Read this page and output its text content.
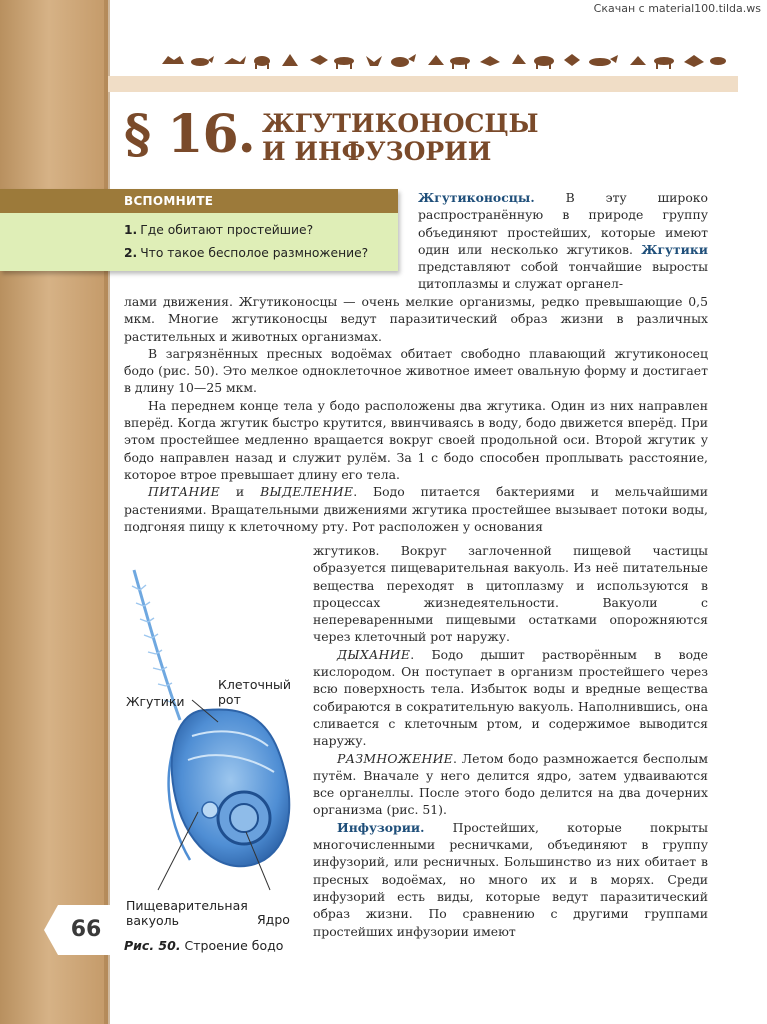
Скачан с material100.tilda.ws
§ 16. ЖГУТИКОНОСЦЫ
И ИНФУЗОРИИ
ВСПОМНИТЕ
1. Где обитают простейшие?
2. Что такое бесполое размножение?

Жгутиконосцы. В эту широко распространённую в природе группу объединяют простейших, которые имеют один или несколько жгутиков. Жгутики представляют собой тончайшие выросты цитоплазмы и служат органел-

лами движения. Жгутиконосцы — очень мелкие организмы, редко превышающие 0,5 мкм. Многие жгутиконосцы ведут паразитический образ жизни в различных растительных и животных организмах.

В загрязнённых пресных водоёмах обитает свободно плавающий жгутиконосец бодо (рис. 50). Это мелкое одноклеточное животное имеет овальную форму и достигает в длину 10—25 мкм.

На переднем конце тела у бодо расположены два жгутика. Один из них направлен вперёд. Когда жгутик быстро крутится, ввинчиваясь в воду, бодо движется вперёд. При этом простейшее медленно вращается вокруг своей продольной оси. Второй жгутик у бодо направлен назад и служит рулём. За 1 с бодо способен проплывать расстояние, которое втрое превышает длину его тела.

ПИТАНИЕ и ВЫДЕЛЕНИЕ. Бодо питается бактериями и мельчайшими растениями. Вращательными движениями жгутика простейшее вызывает потоки воды, подгоняя пищу к клеточному рту. Рот расположен у основания

жгутиков. Вокруг заглоченной пищевой частицы образуется пищеварительная вакуоль. Из неё питательные вещества переходят в цитоплазму и используются в процессах жизнедеятельности. Вакуоли с непереваренными пищевыми остатками опорожняются через клеточный рот наружу.

ДЫХАНИЕ. Бодо дышит растворённым в воде кислородом. Он поступает в организм простейшего через всю поверхность тела. Избыток воды и вредные вещества собираются в сократительную вакуоль. Наполнившись, она сливается с клеточным ртом, и содержимое выводится наружу.

РАЗМНОЖЕНИЕ. Летом бодо размножается бесполым путём. Вначале у него делится ядро, затем удваиваются все органеллы. После этого бодо делится на два дочерних организма (рис. 51).

Инфузории. Простейших, которые покрыты многочисленными ресничками, объединяют в группу инфузорий, или ресничных. Большинство из них обитает в пресных водоёмах, но много их и в морях. Среди инфузорий есть виды, которые ведут паразитический образ жизни. По сравнению с другими группами простейших инфузории имеют

Жгутики
Клеточный
рот
Пищеварительная
вакуоль	Ядро
Рис. 50. Строение бодо
66
